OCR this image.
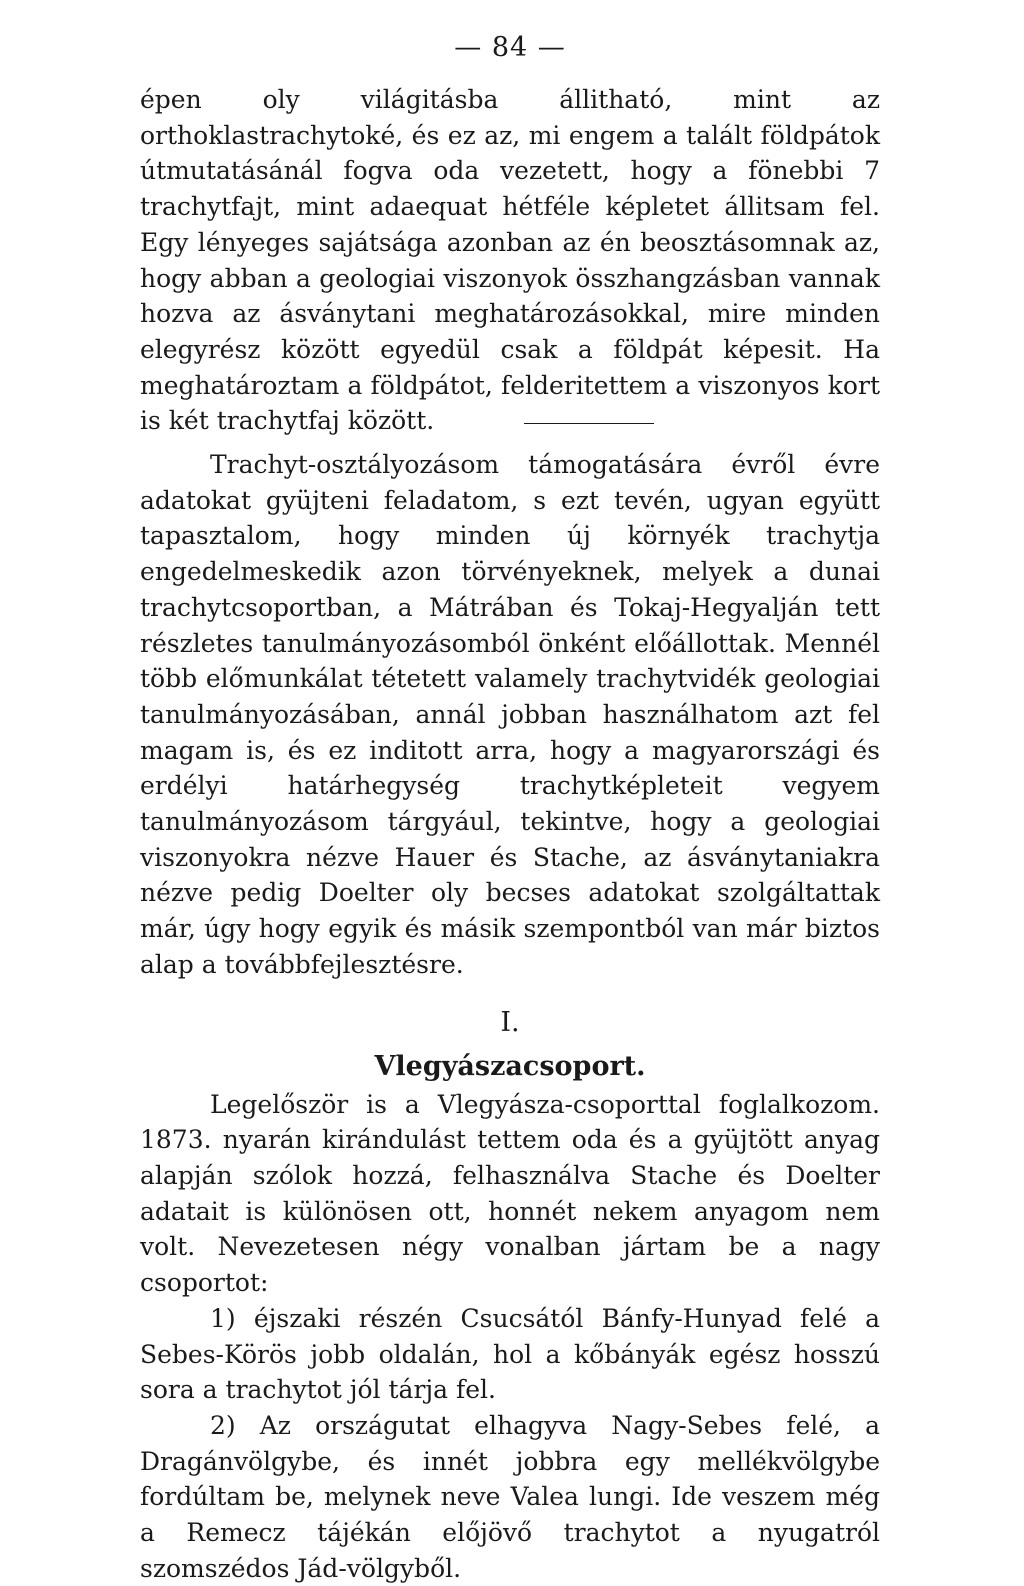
— 84 —

épen oly világitásba állitható, mint az orthoklastrachytoké, és ez az, mi engem a talált földpátok útmutatásánál fogva oda vezetett, hogy a fönebbi 7 trachytfajt, mint adaequat hétféle képletet állitsam fel. Egy lényeges sajátsága azonban az én beosztásomnak az, hogy abban a geologiai viszonyok összhangzásban vannak hozva az ásványtani meghatározásokkal, mire minden elegyrész között egyedül csak a földpát képesit. Ha meghatároztam a földpátot, felderitettem a viszonyos kort is két trachytfaj között.

Trachyt-osztályozásom támogatására évről évre adatokat gyüjteni feladatom, s ezt tevén, ugyan együtt tapasztalom, hogy minden új környék trachytja engedelmeskedik azon törvényeknek, melyek a dunai trachytcsoportban, a Mátrában és Tokaj-Hegyalján tett részletes tanulmányozásomból önként előállottak. Mennél több előmunkálat tétetett valamely trachytvidék geologiai tanulmányozásában, annál jobban használhatom azt fel magam is, és ez inditott arra, hogy a magyarországi és erdélyi határhegység trachytképleteit vegyem tanulmányozásom tárgyául, tekintve, hogy a geologiai viszonyokra nézve Hauer és Stache, az ásványtaniakra nézve pedig Doelter oly becses adatokat szolgáltattak már, úgy hogy egyik és másik szempontból van már biztos alap a továbbfejlesztésre.

I.
Vlegyászacsoport.

Legelőször is a Vlegyásza-csoporttal foglalkozom. 1873. nyarán kirándulást tettem oda és a gyüjtött anyag alapján szólok hozzá, felhasználva Stache és Doelter adatait is különösen ott, honnét nekem anyagom nem volt. Nevezetesen négy vonalban jártam be a nagy csoportot:

1) éjszaki részén Csucsától Bánfy-Hunyad felé a Sebes-Körös jobb oldalán, hol a kőbányák egész hosszú sora a trachytot jól tárja fel.

2) Az országutat elhagyva Nagy-Sebes felé, a Dragánvölgybe, és innét jobbra egy mellékvölgybe fordúltam be, melynek neve Valea lungi. Ide veszem még a Remecz tájékán előjövő trachytot a nyugatról szomszédos Jád-völgyből.
